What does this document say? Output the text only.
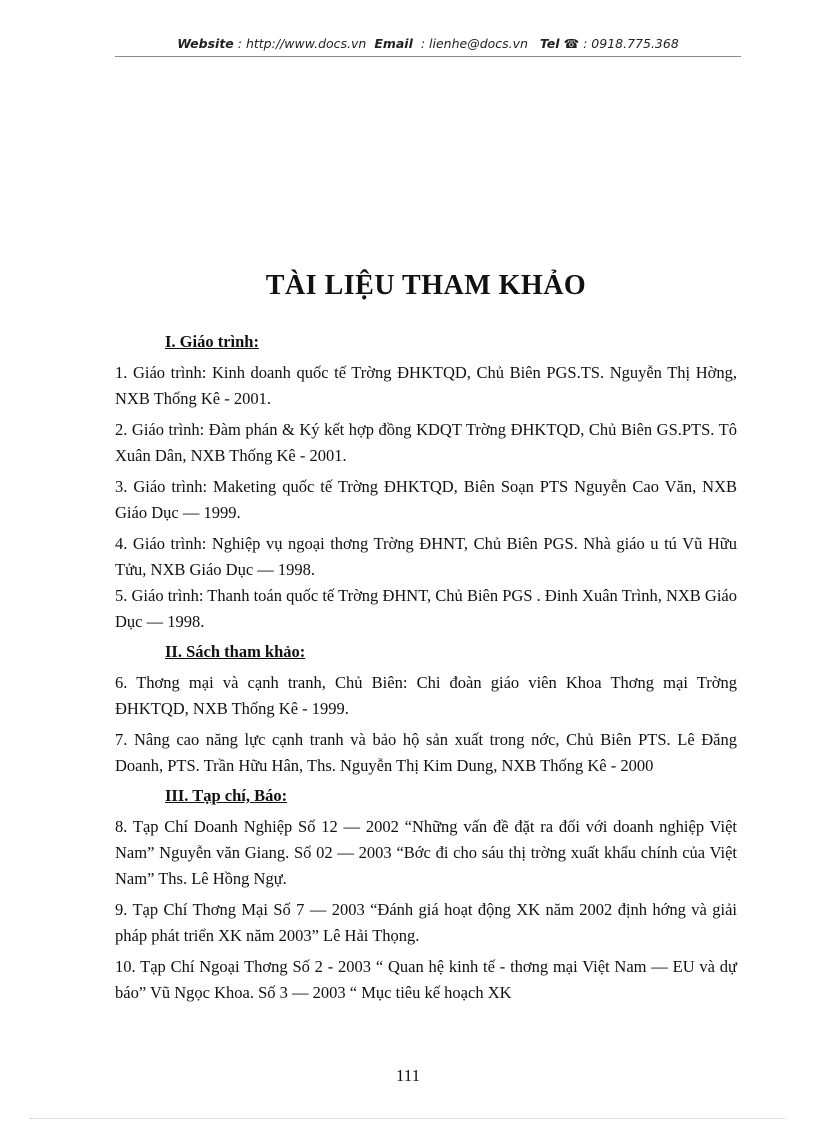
Website : http://www.docs.vn Email : lienhe@docs.vn Tel ☎ : 0918.775.368
TÀI LIỆU THAM KHẢO

I. Giáo trình:

1. Giáo trình: Kinh doanh quốc tế Trờng ĐHKTQD, Chủ Biên PGS.TS. Nguyễn Thị Hờng, NXB Thống Kê - 2001.

2. Giáo trình: Đàm phán & Ký kết hợp đồng KDQT Trờng ĐHKTQD, Chủ Biên GS.PTS. Tô Xuân Dân, NXB Thống Kê - 2001.

3. Giáo trình: Maketing quốc tế Trờng ĐHKTQD, Biên Soạn PTS Nguyễn Cao Văn, NXB Giáo Dục — 1999.

4. Giáo trình: Nghiệp vụ ngoại thơng Trờng ĐHNT, Chủ Biên PGS. Nhà giáo u tú Vũ Hữu Tửu, NXB Giáo Dục — 1998.

5. Giáo trình: Thanh toán quốc tế Trờng ĐHNT, Chủ Biên PGS . Đinh Xuân Trình, NXB Giáo Dục — 1998.

II. Sách tham khảo:

6. Thơng mại và cạnh tranh, Chủ Biên: Chi đoàn giáo viên Khoa Thơng mại Trờng ĐHKTQD, NXB Thống Kê - 1999.

7. Nâng cao năng lực cạnh tranh và bảo hộ sản xuất trong nớc, Chủ Biên PTS. Lê Đăng Doanh, PTS. Trần Hữu Hân, Ths. Nguyễn Thị Kim Dung, NXB Thống Kê - 2000

III. Tạp chí, Báo:

8. Tạp Chí Doanh Nghiệp Số 12 — 2002 “Những vấn đề đặt ra đối với doanh nghiệp Việt Nam” Nguyễn văn Giang. Số 02 — 2003 “Bớc đi cho sáu thị trờng xuất khẩu chính của Việt Nam” Ths. Lê Hồng Ngự.

9. Tạp Chí Thơng Mại Số 7 — 2003 “Đánh giá hoạt động XK năm 2002 định hớng và giải pháp phát triển XK năm 2003” Lê Hải Thọng.

10. Tạp Chí Ngoại Thơng Số 2 - 2003 “ Quan hệ kinh tế - thơng mại Việt Nam — EU và dự báo” Vũ Ngọc Khoa. Số 3 — 2003 “ Mục tiêu kế hoạch XK

111
